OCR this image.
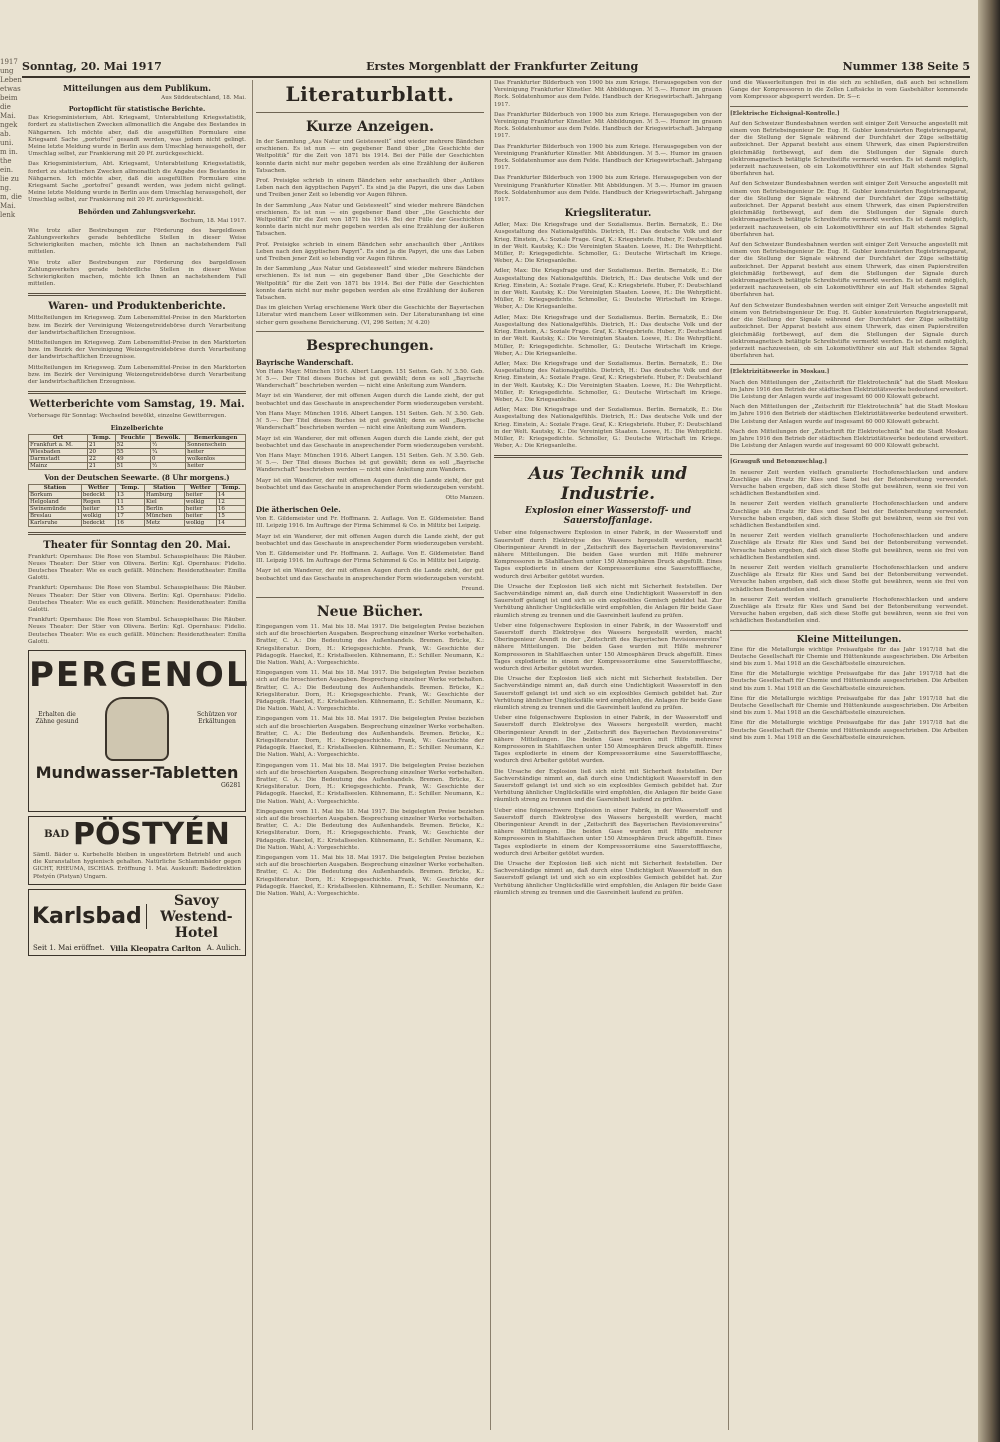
1917 ung Leben etwas beim die Mai. ngek ab. uni. m in. the ein. lie zu ng. m, die Mai. lenk
Sonntag, 20. Mai 1917	Erstes Morgenblatt der Frankfurter Zeitung	Nummer 138 Seite 5
Mitteilungen aus dem Publikum.
Aus Süddeutschland, 18. Mai.
Portopflicht für statistische Berichte.

Das Kriegsministerium, Abt. Kriegsamt, Unterabteilung Kriegsstatistik, fordert zu statistischen Zwecken allmonatlich die Angabe des Bestandes in Nähgarnen. Ich möchte aber, daß die ausgefüllten Formulare eine Kriegsamt Sache „portofrei“ gesandt werden, was jedem nicht gelingt. Meine letzte Meldung wurde in Berlin aus dem Umschlag herausgeholt, der Umschlag selbst, zur Frankierung mit 20 Pf. zurückgeschickt.

Das Kriegsministerium, Abt. Kriegsamt, Unterabteilung Kriegsstatistik, fordert zu statistischen Zwecken allmonatlich die Angabe des Bestandes in Nähgarnen. Ich möchte aber, daß die ausgefüllten Formulare eine Kriegsamt Sache „portofrei“ gesandt werden, was jedem nicht gelingt. Meine letzte Meldung wurde in Berlin aus dem Umschlag herausgeholt, der Umschlag selbst, zur Frankierung mit 20 Pf. zurückgeschickt.

Behörden und Zahlungsverkehr.
Bochum, 18. Mai 1917.

Wie trotz aller Bestrebungen zur Förderung des bargeldlosen Zahlungsverkehrs gerade behördliche Stellen in dieser Weise Schwierigkeiten machen, möchte ich Ihnen an nachstehendem Fall mitteilen.

Wie trotz aller Bestrebungen zur Förderung des bargeldlosen Zahlungsverkehrs gerade behördliche Stellen in dieser Weise Schwierigkeiten machen, möchte ich Ihnen an nachstehendem Fall mitteilen.

Waren- und Produktenberichte.

Mittelteilungen im Kriegsweg. Zum Lebensmittel-Preise in den Marktorten bzw. im Bezirk der Vereinigung Weizengetreidebörse durch Verarbeitung der landwirtschaftlichen Erzeugnisse.

Mittelteilungen im Kriegsweg. Zum Lebensmittel-Preise in den Marktorten bzw. im Bezirk der Vereinigung Weizengetreidebörse durch Verarbeitung der landwirtschaftlichen Erzeugnisse.

Mittelteilungen im Kriegsweg. Zum Lebensmittel-Preise in den Marktorten bzw. im Bezirk der Vereinigung Weizengetreidebörse durch Verarbeitung der landwirtschaftlichen Erzeugnisse.

Wetterberichte vom Samstag, 19. Mai.

Vorhersage für Sonntag: Wechselnd bewölkt, einzelne Gewitterregen.

Einzelberichte
Ort	Temp.	Feuchte	Bewölk.	Bemerkungen
Frankfurt a. M.	21	52	½	Sonnenschein
Wiesbaden	20	55	¼	heiter
Darmstadt	22	49	0	wolkenlos
Mainz	21	51	½	heiter
Von der Deutschen Seewarte. (8 Uhr morgens.)
Station	Wetter	Temp.	Station	Wetter	Temp.
Borkum	bedeckt	13	Hamburg	heiter	14
Helgoland	Regen	11	Kiel	wolkig	12
Swinemünde	heiter	15	Berlin	heiter	16
Breslau	wolkig	17	München	heiter	15
Karlsruhe	bedeckt	16	Metz	wolkig	14
Theater für Sonntag den 20. Mai.

Frankfurt: Opernhaus: Die Rose von Stambul. Schauspielhaus: Die Räuber. Neues Theater: Der Stier von Olivera. Berlin: Kgl. Opernhaus: Fidelio. Deutsches Theater: Wie es euch gefällt. München: Residenztheater: Emilia Galotti.

Frankfurt: Opernhaus: Die Rose von Stambul. Schauspielhaus: Die Räuber. Neues Theater: Der Stier von Olivera. Berlin: Kgl. Opernhaus: Fidelio. Deutsches Theater: Wie es euch gefällt. München: Residenztheater: Emilia Galotti.

Frankfurt: Opernhaus: Die Rose von Stambul. Schauspielhaus: Die Räuber. Neues Theater: Der Stier von Olivera. Berlin: Kgl. Opernhaus: Fidelio. Deutsches Theater: Wie es euch gefällt. München: Residenztheater: Emilia Galotti.

PERGENOL
Erhalten die Zähne gesund
Schützen vor Erkältungen
Mundwasser-Tabletten
G6281
BAD PÖSTYÉN

Sämtl. Bäder u. Kurbehelfe bleiben in ungestörtem Betrieb! und auch die Kuranstalten hygienisch gehalten. Natürliche Schlammbäder gegen GICHT, RHEUMA, ISCHIAS. Eröffnung 1. Mai. Auskunft: Badedirektion Pöstyén (Pistyan) Ungarn.

Karlsbad
Savoy Westend-Hotel
Seit 1. Mai eröffnet. Villa Kleopatra Carlton A. Aulich.
Literaturblatt.
Kurze Anzeigen.

In der Sammlung „Aus Natur und Geisteswelt“ sind wieder mehrere Bändchen erschienen. Es ist nun — ein gegebener Band über „Die Geschichte der Weltpolitik“ für die Zeit von 1871 bis 1914. Bei der Fülle der Geschichten konnte darin nicht nur mehr gegeben werden als eine Erzählung der äußeren Tatsachen.

Prof. Preisigke schrieb in einem Bändchen sehr anschaulich über „Antikes Leben nach den ägyptischen Papyri“. Es sind ja die Papyri, die uns das Leben und Treiben jener Zeit so lebendig vor Augen führen.

In der Sammlung „Aus Natur und Geisteswelt“ sind wieder mehrere Bändchen erschienen. Es ist nun — ein gegebener Band über „Die Geschichte der Weltpolitik“ für die Zeit von 1871 bis 1914. Bei der Fülle der Geschichten konnte darin nicht nur mehr gegeben werden als eine Erzählung der äußeren Tatsachen.

Prof. Preisigke schrieb in einem Bändchen sehr anschaulich über „Antikes Leben nach den ägyptischen Papyri“. Es sind ja die Papyri, die uns das Leben und Treiben jener Zeit so lebendig vor Augen führen.

In der Sammlung „Aus Natur und Geisteswelt“ sind wieder mehrere Bändchen erschienen. Es ist nun — ein gegebener Band über „Die Geschichte der Weltpolitik“ für die Zeit von 1871 bis 1914. Bei der Fülle der Geschichten konnte darin nicht nur mehr gegeben werden als eine Erzählung der äußeren Tatsachen.

Das im gleichen Verlag erschienene Werk über die Geschichte der Bayerischen Literatur wird manchem Leser willkommen sein. Der Literaturanhang ist eine sicher gern gesehene Bereicherung. (VI, 296 Seiten; ℳ 4.20)

Besprechungen.
Bayrische Wanderschaft.

Von Hans Mayr. München 1916. Albert Langen. 151 Seiten. Geh. ℳ 3.50. Geb. ℳ 5.—. Der Titel dieses Buches ist gut gewählt; denn es soll „Bayrische Wanderschaft“ beschrieben werden — nicht eine Anleitung zum Wandern.

Mayr ist ein Wanderer, der mit offenen Augen durch die Lande zieht, der gut beobachtet und das Geschaute in ansprechender Form wiederzugeben versteht.

Von Hans Mayr. München 1916. Albert Langen. 151 Seiten. Geh. ℳ 3.50. Geb. ℳ 5.—. Der Titel dieses Buches ist gut gewählt; denn es soll „Bayrische Wanderschaft“ beschrieben werden — nicht eine Anleitung zum Wandern.

Mayr ist ein Wanderer, der mit offenen Augen durch die Lande zieht, der gut beobachtet und das Geschaute in ansprechender Form wiederzugeben versteht.

Von Hans Mayr. München 1916. Albert Langen. 151 Seiten. Geh. ℳ 3.50. Geb. ℳ 5.—. Der Titel dieses Buches ist gut gewählt; denn es soll „Bayrische Wanderschaft“ beschrieben werden — nicht eine Anleitung zum Wandern.

Mayr ist ein Wanderer, der mit offenen Augen durch die Lande zieht, der gut beobachtet und das Geschaute in ansprechender Form wiederzugeben versteht.

Otto Manzen.
Die ätherischen Oele.

Von E. Gildemeister und Fr. Hoffmann. 2. Auflage. Von E. Gildemeister. Band III. Leipzig 1916. Im Auftrage der Firma Schimmel & Co. in Miltitz bei Leipzig.

Mayr ist ein Wanderer, der mit offenen Augen durch die Lande zieht, der gut beobachtet und das Geschaute in ansprechender Form wiederzugeben versteht.

Von E. Gildemeister und Fr. Hoffmann. 2. Auflage. Von E. Gildemeister. Band III. Leipzig 1916. Im Auftrage der Firma Schimmel & Co. in Miltitz bei Leipzig.

Mayr ist ein Wanderer, der mit offenen Augen durch die Lande zieht, der gut beobachtet und das Geschaute in ansprechender Form wiederzugeben versteht.

Freund.
Neue Bücher.

Eingegangen vom 11. Mai bis 18. Mai 1917. Die beigelegten Preise beziehen sich auf die broschierten Ausgaben. Besprechung einzelner Werke vorbehalten. Bratter, C. A.: Die Bedeutung des Außenhandels. Bremen. Brücke, K.: Kriegsliteratur. Dorn, H.: Kriegsgeschichte. Frank, W.: Geschichte der Pädagogik. Haeckel, E.: Kristallseelen. Kühnemann, E.: Schiller. Neumann, K.: Die Nation. Wahl, A.: Vorgeschichte.

Eingegangen vom 11. Mai bis 18. Mai 1917. Die beigelegten Preise beziehen sich auf die broschierten Ausgaben. Besprechung einzelner Werke vorbehalten. Bratter, C. A.: Die Bedeutung des Außenhandels. Bremen. Brücke, K.: Kriegsliteratur. Dorn, H.: Kriegsgeschichte. Frank, W.: Geschichte der Pädagogik. Haeckel, E.: Kristallseelen. Kühnemann, E.: Schiller. Neumann, K.: Die Nation. Wahl, A.: Vorgeschichte.

Eingegangen vom 11. Mai bis 18. Mai 1917. Die beigelegten Preise beziehen sich auf die broschierten Ausgaben. Besprechung einzelner Werke vorbehalten. Bratter, C. A.: Die Bedeutung des Außenhandels. Bremen. Brücke, K.: Kriegsliteratur. Dorn, H.: Kriegsgeschichte. Frank, W.: Geschichte der Pädagogik. Haeckel, E.: Kristallseelen. Kühnemann, E.: Schiller. Neumann, K.: Die Nation. Wahl, A.: Vorgeschichte.

Eingegangen vom 11. Mai bis 18. Mai 1917. Die beigelegten Preise beziehen sich auf die broschierten Ausgaben. Besprechung einzelner Werke vorbehalten. Bratter, C. A.: Die Bedeutung des Außenhandels. Bremen. Brücke, K.: Kriegsliteratur. Dorn, H.: Kriegsgeschichte. Frank, W.: Geschichte der Pädagogik. Haeckel, E.: Kristallseelen. Kühnemann, E.: Schiller. Neumann, K.: Die Nation. Wahl, A.: Vorgeschichte.

Eingegangen vom 11. Mai bis 18. Mai 1917. Die beigelegten Preise beziehen sich auf die broschierten Ausgaben. Besprechung einzelner Werke vorbehalten. Bratter, C. A.: Die Bedeutung des Außenhandels. Bremen. Brücke, K.: Kriegsliteratur. Dorn, H.: Kriegsgeschichte. Frank, W.: Geschichte der Pädagogik. Haeckel, E.: Kristallseelen. Kühnemann, E.: Schiller. Neumann, K.: Die Nation. Wahl, A.: Vorgeschichte.

Eingegangen vom 11. Mai bis 18. Mai 1917. Die beigelegten Preise beziehen sich auf die broschierten Ausgaben. Besprechung einzelner Werke vorbehalten. Bratter, C. A.: Die Bedeutung des Außenhandels. Bremen. Brücke, K.: Kriegsliteratur. Dorn, H.: Kriegsgeschichte. Frank, W.: Geschichte der Pädagogik. Haeckel, E.: Kristallseelen. Kühnemann, E.: Schiller. Neumann, K.: Die Nation. Wahl, A.: Vorgeschichte.

Das Frankfurter Bilderbuch von 1900 bis zum Kriege. Herausgegeben von der Vereinigung Frankfurter Künstler. Mit Abbildungen. ℳ 5.—. Humor im grauen Rock. Soldatenhumor aus dem Felde. Handbuch der Kriegswirtschaft. Jahrgang 1917.

Das Frankfurter Bilderbuch von 1900 bis zum Kriege. Herausgegeben von der Vereinigung Frankfurter Künstler. Mit Abbildungen. ℳ 5.—. Humor im grauen Rock. Soldatenhumor aus dem Felde. Handbuch der Kriegswirtschaft. Jahrgang 1917.

Das Frankfurter Bilderbuch von 1900 bis zum Kriege. Herausgegeben von der Vereinigung Frankfurter Künstler. Mit Abbildungen. ℳ 5.—. Humor im grauen Rock. Soldatenhumor aus dem Felde. Handbuch der Kriegswirtschaft. Jahrgang 1917.

Das Frankfurter Bilderbuch von 1900 bis zum Kriege. Herausgegeben von der Vereinigung Frankfurter Künstler. Mit Abbildungen. ℳ 5.—. Humor im grauen Rock. Soldatenhumor aus dem Felde. Handbuch der Kriegswirtschaft. Jahrgang 1917.

Kriegsliteratur.

Adler, Max: Die Kriegsfrage und der Sozialismus. Berlin. Bernatzik, E.: Die Ausgestaltung des Nationalgefühls. Dietrich, H.: Das deutsche Volk und der Krieg. Einstein, A.: Soziale Frage. Graf, K.: Kriegsbriefe. Huber, F.: Deutschland in der Welt. Kautsky, K.: Die Vereinigten Staaten. Loewe, H.: Die Wehrpflicht. Müller, P.: Kriegsgedichte. Schmoller, G.: Deutsche Wirtschaft im Kriege. Weber, A.: Die Kriegsanleihe.

Adler, Max: Die Kriegsfrage und der Sozialismus. Berlin. Bernatzik, E.: Die Ausgestaltung des Nationalgefühls. Dietrich, H.: Das deutsche Volk und der Krieg. Einstein, A.: Soziale Frage. Graf, K.: Kriegsbriefe. Huber, F.: Deutschland in der Welt. Kautsky, K.: Die Vereinigten Staaten. Loewe, H.: Die Wehrpflicht. Müller, P.: Kriegsgedichte. Schmoller, G.: Deutsche Wirtschaft im Kriege. Weber, A.: Die Kriegsanleihe.

Adler, Max: Die Kriegsfrage und der Sozialismus. Berlin. Bernatzik, E.: Die Ausgestaltung des Nationalgefühls. Dietrich, H.: Das deutsche Volk und der Krieg. Einstein, A.: Soziale Frage. Graf, K.: Kriegsbriefe. Huber, F.: Deutschland in der Welt. Kautsky, K.: Die Vereinigten Staaten. Loewe, H.: Die Wehrpflicht. Müller, P.: Kriegsgedichte. Schmoller, G.: Deutsche Wirtschaft im Kriege. Weber, A.: Die Kriegsanleihe.

Adler, Max: Die Kriegsfrage und der Sozialismus. Berlin. Bernatzik, E.: Die Ausgestaltung des Nationalgefühls. Dietrich, H.: Das deutsche Volk und der Krieg. Einstein, A.: Soziale Frage. Graf, K.: Kriegsbriefe. Huber, F.: Deutschland in der Welt. Kautsky, K.: Die Vereinigten Staaten. Loewe, H.: Die Wehrpflicht. Müller, P.: Kriegsgedichte. Schmoller, G.: Deutsche Wirtschaft im Kriege. Weber, A.: Die Kriegsanleihe.

Adler, Max: Die Kriegsfrage und der Sozialismus. Berlin. Bernatzik, E.: Die Ausgestaltung des Nationalgefühls. Dietrich, H.: Das deutsche Volk und der Krieg. Einstein, A.: Soziale Frage. Graf, K.: Kriegsbriefe. Huber, F.: Deutschland in der Welt. Kautsky, K.: Die Vereinigten Staaten. Loewe, H.: Die Wehrpflicht. Müller, P.: Kriegsgedichte. Schmoller, G.: Deutsche Wirtschaft im Kriege. Weber, A.: Die Kriegsanleihe.

Aus Technik und Industrie.
Explosion einer Wasserstoff- und Sauerstoffanlage.

Ueber eine folgenschwere Explosion in einer Fabrik, in der Wasserstoff und Sauerstoff durch Elektrolyse des Wassers hergestellt werden, macht Oberingenieur Arendt in der „Zeitschrift des Bayerischen Revisionsvereins“ nähere Mitteilungen. Die beiden Gase wurden mit Hilfe mehrerer Kompressoren in Stahlflaschen unter 150 Atmosphären Druck abgefüllt. Eines Tages explodierte in einem der Kompressorräume eine Sauerstoffflasche, wodurch drei Arbeiter getötet wurden.

Die Ursache der Explosion ließ sich nicht mit Sicherheit feststellen. Der Sachverständige nimmt an, daß durch eine Undichtigkeit Wasserstoff in den Sauerstoff gelangt ist und sich so ein explosibles Gemisch gebildet hat. Zur Verhütung ähnlicher Unglücksfälle wird empfohlen, die Anlagen für beide Gase räumlich streng zu trennen und die Gasreinheit laufend zu prüfen.

Ueber eine folgenschwere Explosion in einer Fabrik, in der Wasserstoff und Sauerstoff durch Elektrolyse des Wassers hergestellt werden, macht Oberingenieur Arendt in der „Zeitschrift des Bayerischen Revisionsvereins“ nähere Mitteilungen. Die beiden Gase wurden mit Hilfe mehrerer Kompressoren in Stahlflaschen unter 150 Atmosphären Druck abgefüllt. Eines Tages explodierte in einem der Kompressorräume eine Sauerstoffflasche, wodurch drei Arbeiter getötet wurden.

Die Ursache der Explosion ließ sich nicht mit Sicherheit feststellen. Der Sachverständige nimmt an, daß durch eine Undichtigkeit Wasserstoff in den Sauerstoff gelangt ist und sich so ein explosibles Gemisch gebildet hat. Zur Verhütung ähnlicher Unglücksfälle wird empfohlen, die Anlagen für beide Gase räumlich streng zu trennen und die Gasreinheit laufend zu prüfen.

Ueber eine folgenschwere Explosion in einer Fabrik, in der Wasserstoff und Sauerstoff durch Elektrolyse des Wassers hergestellt werden, macht Oberingenieur Arendt in der „Zeitschrift des Bayerischen Revisionsvereins“ nähere Mitteilungen. Die beiden Gase wurden mit Hilfe mehrerer Kompressoren in Stahlflaschen unter 150 Atmosphären Druck abgefüllt. Eines Tages explodierte in einem der Kompressorräume eine Sauerstoffflasche, wodurch drei Arbeiter getötet wurden.

Die Ursache der Explosion ließ sich nicht mit Sicherheit feststellen. Der Sachverständige nimmt an, daß durch eine Undichtigkeit Wasserstoff in den Sauerstoff gelangt ist und sich so ein explosibles Gemisch gebildet hat. Zur Verhütung ähnlicher Unglücksfälle wird empfohlen, die Anlagen für beide Gase räumlich streng zu trennen und die Gasreinheit laufend zu prüfen.

Ueber eine folgenschwere Explosion in einer Fabrik, in der Wasserstoff und Sauerstoff durch Elektrolyse des Wassers hergestellt werden, macht Oberingenieur Arendt in der „Zeitschrift des Bayerischen Revisionsvereins“ nähere Mitteilungen. Die beiden Gase wurden mit Hilfe mehrerer Kompressoren in Stahlflaschen unter 150 Atmosphären Druck abgefüllt. Eines Tages explodierte in einem der Kompressorräume eine Sauerstoffflasche, wodurch drei Arbeiter getötet wurden.

Die Ursache der Explosion ließ sich nicht mit Sicherheit feststellen. Der Sachverständige nimmt an, daß durch eine Undichtigkeit Wasserstoff in den Sauerstoff gelangt ist und sich so ein explosibles Gemisch gebildet hat. Zur Verhütung ähnlicher Unglücksfälle wird empfohlen, die Anlagen für beide Gase räumlich streng zu trennen und die Gasreinheit laufend zu prüfen.

und die Wasserleitungen frei in die sich zu schließen, daß auch bei schnellem Gange der Kompressoren in die Zellen Luftsäcke in vom Gasbehälter kommende vom Kompressor abgesperrt werden. Dr. S—r.

[Elektrische Eichsignal-Kontrolle.]

Auf den Schweizer Bundesbahnen werden seit einiger Zeit Versuche angestellt mit einem von Betriebsingenieur Dr. Eug. H. Gubler konstruierten Registrierapparat, der die Stellung der Signale während der Durchfahrt der Züge selbsttätig aufzeichnet. Der Apparat besteht aus einem Uhrwerk, das einen Papierstreifen gleichmäßig fortbewegt, auf dem die Stellungen der Signale durch elektromagnetisch betätigte Schreibstifte vermerkt werden. Es ist damit möglich, jederzeit nachzuweisen, ob ein Lokomotivführer ein auf Halt stehendes Signal überfahren hat.

Auf den Schweizer Bundesbahnen werden seit einiger Zeit Versuche angestellt mit einem von Betriebsingenieur Dr. Eug. H. Gubler konstruierten Registrierapparat, der die Stellung der Signale während der Durchfahrt der Züge selbsttätig aufzeichnet. Der Apparat besteht aus einem Uhrwerk, das einen Papierstreifen gleichmäßig fortbewegt, auf dem die Stellungen der Signale durch elektromagnetisch betätigte Schreibstifte vermerkt werden. Es ist damit möglich, jederzeit nachzuweisen, ob ein Lokomotivführer ein auf Halt stehendes Signal überfahren hat.

Auf den Schweizer Bundesbahnen werden seit einiger Zeit Versuche angestellt mit einem von Betriebsingenieur Dr. Eug. H. Gubler konstruierten Registrierapparat, der die Stellung der Signale während der Durchfahrt der Züge selbsttätig aufzeichnet. Der Apparat besteht aus einem Uhrwerk, das einen Papierstreifen gleichmäßig fortbewegt, auf dem die Stellungen der Signale durch elektromagnetisch betätigte Schreibstifte vermerkt werden. Es ist damit möglich, jederzeit nachzuweisen, ob ein Lokomotivführer ein auf Halt stehendes Signal überfahren hat.

Auf den Schweizer Bundesbahnen werden seit einiger Zeit Versuche angestellt mit einem von Betriebsingenieur Dr. Eug. H. Gubler konstruierten Registrierapparat, der die Stellung der Signale während der Durchfahrt der Züge selbsttätig aufzeichnet. Der Apparat besteht aus einem Uhrwerk, das einen Papierstreifen gleichmäßig fortbewegt, auf dem die Stellungen der Signale durch elektromagnetisch betätigte Schreibstifte vermerkt werden. Es ist damit möglich, jederzeit nachzuweisen, ob ein Lokomotivführer ein auf Halt stehendes Signal überfahren hat.

[Elektrizitätswerke in Moskau.]

Nach den Mitteilungen der „Zeitschrift für Elektrotechnik“ hat die Stadt Moskau im Jahre 1916 den Betrieb der städtischen Elektrizitätswerke bedeutend erweitert. Die Leistung der Anlagen wurde auf insgesamt 60 000 Kilowatt gebracht.

Nach den Mitteilungen der „Zeitschrift für Elektrotechnik“ hat die Stadt Moskau im Jahre 1916 den Betrieb der städtischen Elektrizitätswerke bedeutend erweitert. Die Leistung der Anlagen wurde auf insgesamt 60 000 Kilowatt gebracht.

Nach den Mitteilungen der „Zeitschrift für Elektrotechnik“ hat die Stadt Moskau im Jahre 1916 den Betrieb der städtischen Elektrizitätswerke bedeutend erweitert. Die Leistung der Anlagen wurde auf insgesamt 60 000 Kilowatt gebracht.

[Grauguß und Betonzuschlag.]

In neuerer Zeit werden vielfach granulierte Hochofenschlacken und andere Zuschläge als Ersatz für Kies und Sand bei der Betonbereitung verwendet. Versuche haben ergeben, daß sich diese Stoffe gut bewähren, wenn sie frei von schädlichen Bestandteilen sind.

In neuerer Zeit werden vielfach granulierte Hochofenschlacken und andere Zuschläge als Ersatz für Kies und Sand bei der Betonbereitung verwendet. Versuche haben ergeben, daß sich diese Stoffe gut bewähren, wenn sie frei von schädlichen Bestandteilen sind.

In neuerer Zeit werden vielfach granulierte Hochofenschlacken und andere Zuschläge als Ersatz für Kies und Sand bei der Betonbereitung verwendet. Versuche haben ergeben, daß sich diese Stoffe gut bewähren, wenn sie frei von schädlichen Bestandteilen sind.

In neuerer Zeit werden vielfach granulierte Hochofenschlacken und andere Zuschläge als Ersatz für Kies und Sand bei der Betonbereitung verwendet. Versuche haben ergeben, daß sich diese Stoffe gut bewähren, wenn sie frei von schädlichen Bestandteilen sind.

In neuerer Zeit werden vielfach granulierte Hochofenschlacken und andere Zuschläge als Ersatz für Kies und Sand bei der Betonbereitung verwendet. Versuche haben ergeben, daß sich diese Stoffe gut bewähren, wenn sie frei von schädlichen Bestandteilen sind.

Kleine Mitteilungen.

Eine für die Metallurgie wichtige Preisaufgabe für das Jahr 1917/18 hat die Deutsche Gesellschaft für Chemie und Hüttenkunde ausgeschrieben. Die Arbeiten sind bis zum 1. Mai 1918 an die Geschäftsstelle einzureichen.

Eine für die Metallurgie wichtige Preisaufgabe für das Jahr 1917/18 hat die Deutsche Gesellschaft für Chemie und Hüttenkunde ausgeschrieben. Die Arbeiten sind bis zum 1. Mai 1918 an die Geschäftsstelle einzureichen.

Eine für die Metallurgie wichtige Preisaufgabe für das Jahr 1917/18 hat die Deutsche Gesellschaft für Chemie und Hüttenkunde ausgeschrieben. Die Arbeiten sind bis zum 1. Mai 1918 an die Geschäftsstelle einzureichen.

Eine für die Metallurgie wichtige Preisaufgabe für das Jahr 1917/18 hat die Deutsche Gesellschaft für Chemie und Hüttenkunde ausgeschrieben. Die Arbeiten sind bis zum 1. Mai 1918 an die Geschäftsstelle einzureichen.
